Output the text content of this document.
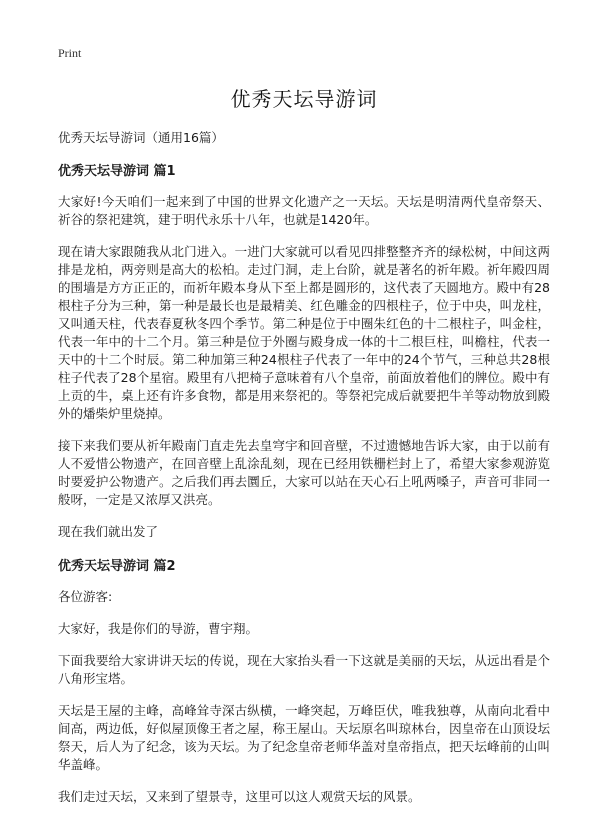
Print
优秀天坛导游词
优秀天坛导游词（通用16篇）
优秀天坛导游词 篇1

大家好!今天咱们一起来到了中国的世界文化遗产之一天坛。天坛是明清两代皇帝祭天、祈谷的祭祀建筑，建于明代永乐十八年，也就是1420年。

现在请大家跟随我从北门进入。一进门大家就可以看见四排整整齐齐的绿松树，中间这两排是龙柏，两旁则是高大的松柏。走过门洞，走上台阶，就是著名的祈年殿。祈年殿四周的围墙是方方正正的，而祈年殿本身从下至上都是圆形的，这代表了天圆地方。殿中有28根柱子分为三种，第一种是最长也是最精美、红色雕金的四根柱子，位于中央，叫龙柱，又叫通天柱，代表春夏秋冬四个季节。第二种是位于中圈朱红色的十二根柱子，叫金柱，代表一年中的十二个月。第三种是位于外圈与殿身成一体的十二根巨柱，叫檐柱，代表一天中的十二个时辰。第二种加第三种24根柱子代表了一年中的24个节气，三种总共28根柱子代表了28个星宿。殿里有八把椅子意味着有八个皇帝，前面放着他们的牌位。殿中有上贡的牛，桌上还有许多食物，都是用来祭祀的。等祭祀完成后就要把牛羊等动物放到殿外的燔柴炉里烧掉。

接下来我们要从祈年殿南门直走先去皇穹宇和回音壁，不过遗憾地告诉大家，由于以前有人不爱惜公物遗产，在回音壁上乱涂乱刻，现在已经用铁栅栏封上了，希望大家参观游览时要爱护公物遗产。之后我们再去圜丘，大家可以站在天心石上吼两嗓子，声音可非同一般呀，一定是又浓厚又洪亮。

现在我们就出发了

优秀天坛导游词 篇2

各位游客:

大家好，我是你们的导游，曹宇翔。

下面我要给大家讲讲天坛的传说，现在大家抬头看一下这就是美丽的天坛，从远出看是个八角形宝塔。

天坛是王屋的主峰，高峰耸寺深古纵横，一峰突起，万峰臣伏，唯我独尊，从南向北看中间高，两边低，好似屋顶像王者之屋，称王屋山。天坛原名叫琼林台，因皇帝在山顶设坛祭天，后人为了纪念，该为天坛。为了纪念皇帝老师华盖对皇帝指点，把天坛峰前的山叫华盖峰。

我们走过天坛，又来到了望景寺，这里可以这人观赏天坛的风景。
